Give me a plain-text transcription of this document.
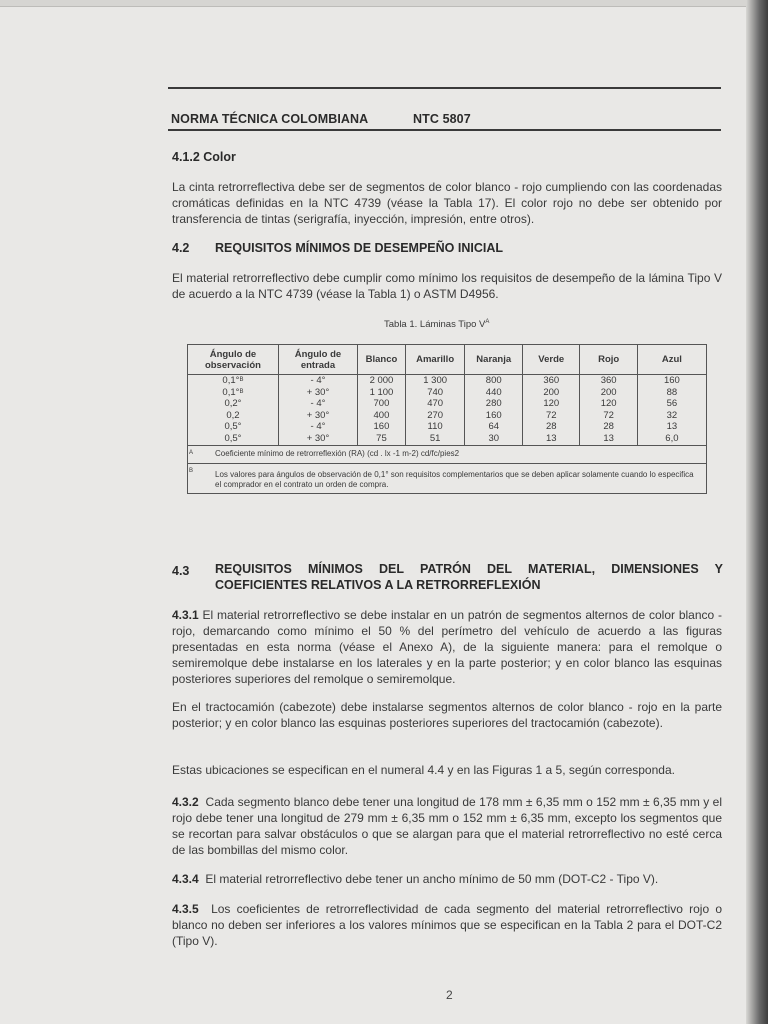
NORMA TÉCNICA COLOMBIANA	NTC 5807
4.1.2 Color
La cinta retrorreflectiva debe ser de segmentos de color blanco - rojo cumpliendo con las coordenadas cromáticas definidas en la NTC 4739 (véase la Tabla 17). El color rojo no debe ser obtenido por transferencia de tintas (serigrafía, inyección, impresión, entre otros).
4.2 REQUISITOS MÍNIMOS DE DESEMPEÑO INICIAL
El material retrorreflectivo debe cumplir como mínimo los requisitos de desempeño de la lámina Tipo V de acuerdo a la NTC 4739 (véase la Tabla 1) o ASTM D4956.
Tabla 1. Láminas Tipo $V^A$
Ángulo de observación		Ángulo de entrada	Blanco	Amarillo	Naranja	Verde	Rojo	Azul
0,1°$^B$		- 4°	2 000	1 300	800	360	360	160
0,1°$^B$		+ 30°	1 100	740	440	200	200	88
0,2°		- 4°	700	470	280	120	120	56
0,2		+ 30°	400	270	160	72	72	32
0,5°		- 4°	160	110	64	28	28	13
0,5°		+ 30°	75	51	30	13	13	6,0
A	Coeficiente mínimo de retrorreflexión (RA) (cd . lx -1 m-2) cd/fc/pies2							
B	Los valores para ángulos de observación de 0,1° son requisitos complementarios que se deben aplicar solamente cuando lo especifica el comprador en el contrato un orden de compra.							
4.3 REQUISITOS MÍNIMOS DEL PATRÓN DEL MATERIAL, DIMENSIONES Y
COEFICIENTES RELATIVOS A LA RETRORREFLEXIÓN
4.3.1 El material retrorreflectivo se debe instalar en un patrón de segmentos alternos de color blanco - rojo, demarcando como mínimo el 50 % del perímetro del vehículo de acuerdo a las figuras presentadas en esta norma (véase el Anexo A), de la siguiente manera: para el remolque o semiremolque debe instalarse en los laterales y en la parte posterior; y en color blanco las esquinas posteriores superiores del remolque o semiremolque.
En el tractocamión (cabezote) debe instalarse segmentos alternos de color blanco - rojo en la parte posterior; y en color blanco las esquinas posteriores superiores del tractocamión (cabezote).
Estas ubicaciones se especifican en el numeral 4.4 y en las Figuras 1 a 5, según corresponda.
4.3.2 Cada segmento blanco debe tener una longitud de 178 mm ± 6,35 mm o 152 mm ± 6,35 mm y el rojo debe tener una longitud de 279 mm ± 6,35 mm o 152 mm ± 6,35 mm, excepto los segmentos que se recortan para salvar obstáculos o que se alargan para que el material retrorreflectivo no esté cerca de las bombillas del mismo color.
4.3.4 El material retrorreflectivo debe tener un ancho mínimo de 50 mm (DOT-C2 - Tipo V).
4.3.5 Los coeficientes de retrorreflectividad de cada segmento del material retrorreflectivo rojo o blanco no deben ser inferiores a los valores mínimos que se especifican en la Tabla 2 para el DOT-C2 (Tipo V).
2
